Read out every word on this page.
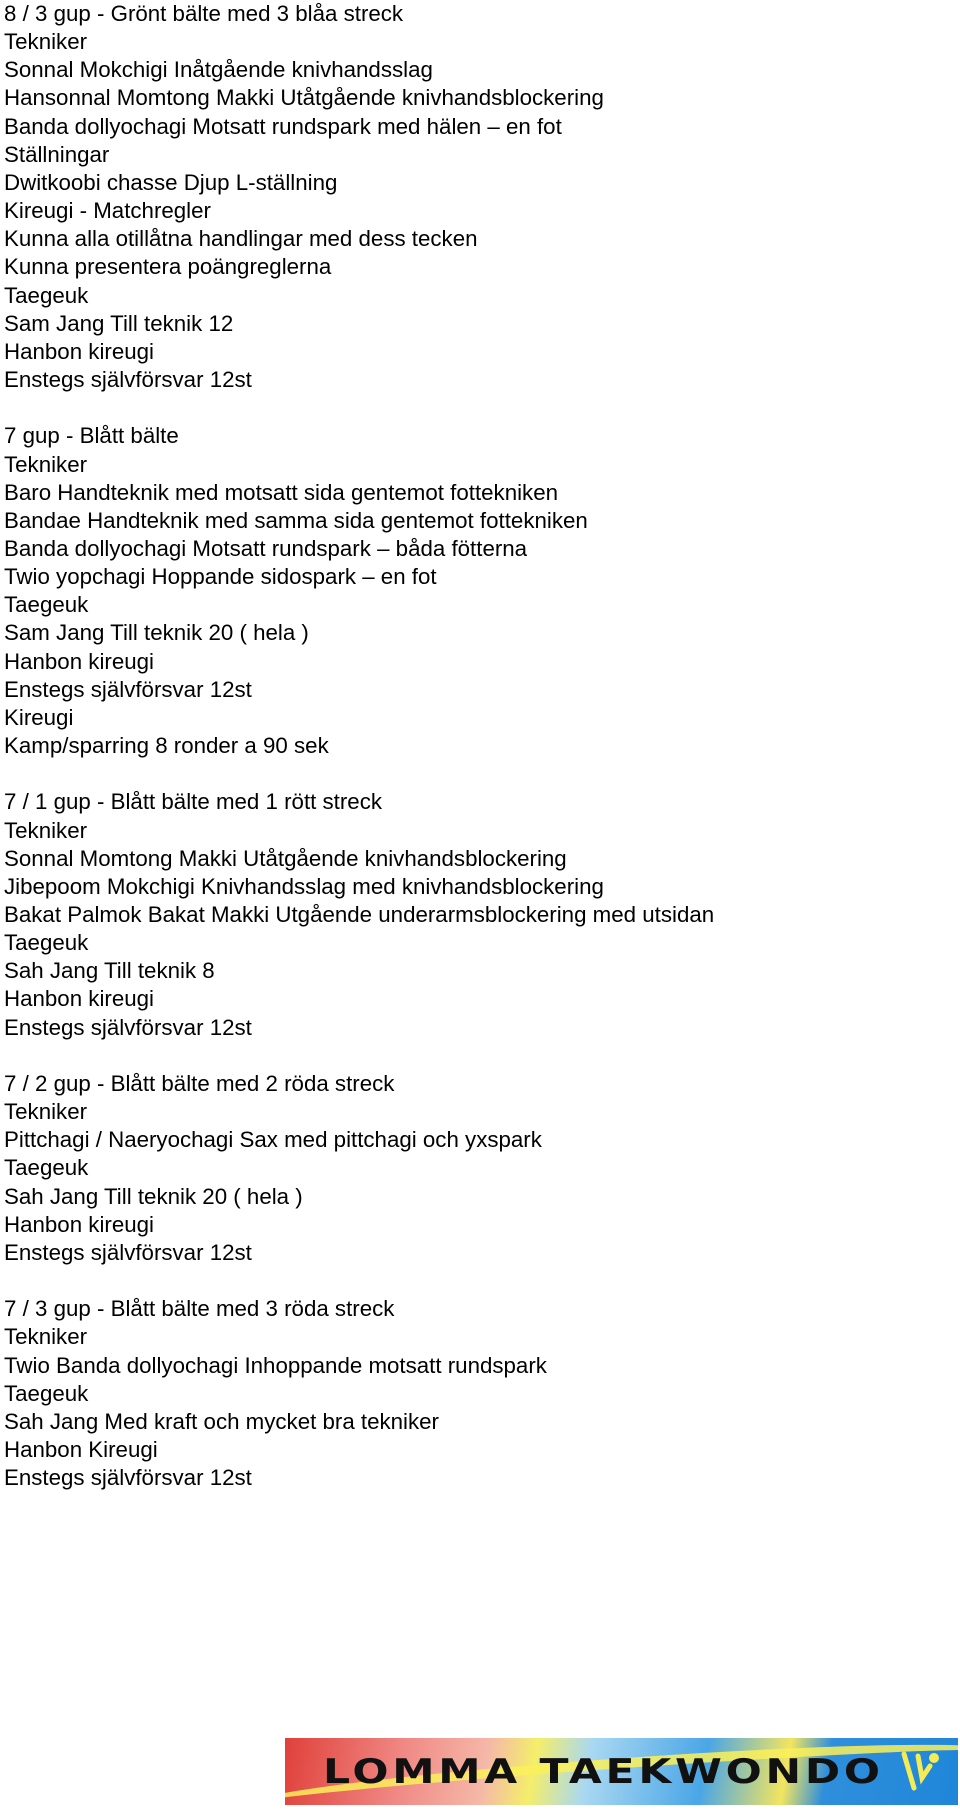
8 / 3 gup - Grönt bälte med 3 blåa streck
Tekniker
Sonnal Mokchigi Inåtgående knivhandsslag
Hansonnal Momtong Makki Utåtgående knivhandsblockering
Banda dollyochagi Motsatt rundspark med hälen – en fot
Ställningar
Dwitkoobi chasse Djup L-ställning
Kireugi - Matchregler
Kunna alla otillåtna handlingar med dess tecken
Kunna presentera poängreglerna
Taegeuk
Sam Jang Till teknik 12
Hanbon kireugi
Enstegs självförsvar 12st
7 gup - Blått bälte
Tekniker
Baro Handteknik med motsatt sida gentemot fottekniken
Bandae Handteknik med samma sida gentemot fottekniken
Banda dollyochagi Motsatt rundspark – båda fötterna
Twio yopchagi Hoppande sidospark – en fot
Taegeuk
Sam Jang Till teknik 20 ( hela )
Hanbon kireugi
Enstegs självförsvar 12st
Kireugi
Kamp/sparring 8 ronder a 90 sek
7 / 1 gup - Blått bälte med 1 rött streck
Tekniker
Sonnal Momtong Makki Utåtgående knivhandsblockering
Jibepoom Mokchigi Knivhandsslag med knivhandsblockering
Bakat Palmok Bakat Makki Utgående underarmsblockering med utsidan
Taegeuk
Sah Jang Till teknik 8
Hanbon kireugi
Enstegs självförsvar 12st
7 / 2 gup - Blått bälte med 2 röda streck
Tekniker
Pittchagi / Naeryochagi Sax med pittchagi och yxspark
Taegeuk
Sah Jang Till teknik 20 ( hela )
Hanbon kireugi
Enstegs självförsvar 12st
7 / 3 gup - Blått bälte med 3 röda streck
Tekniker
Twio Banda dollyochagi Inhoppande motsatt rundspark
Taegeuk
Sah Jang Med kraft och mycket bra tekniker
Hanbon Kireugi
Enstegs självförsvar 12st
LOMMA TAEKWONDO
